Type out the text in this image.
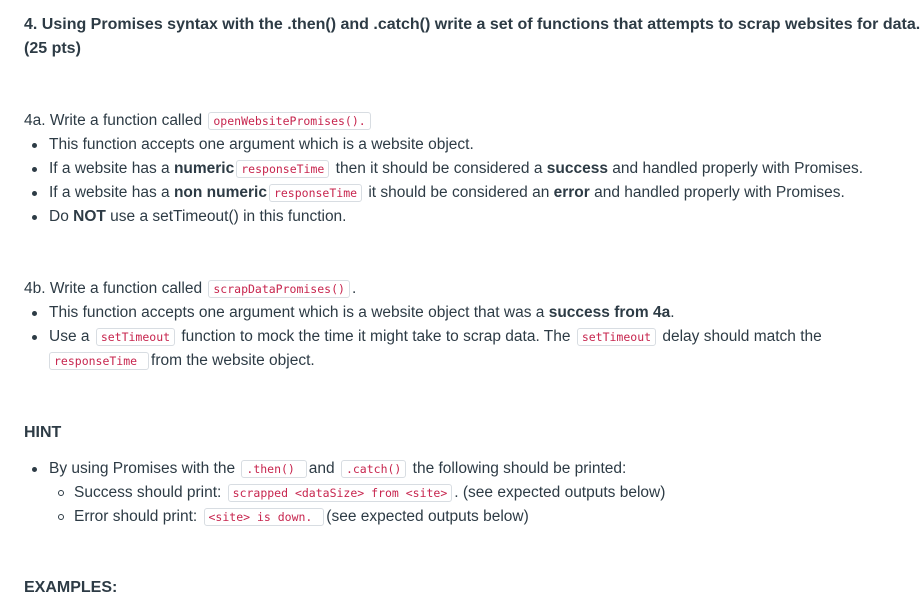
4. Using Promises syntax with the .then() and .catch() write a set of functions that attempts to scrap websites for data.
(25 pts)
4a. Write a function called openWebsitePromises().
This function accepts one argument which is a website object.
If a website has a numeric responseTime then it should be considered a success and handled properly with Promises.
If a website has a non numeric responseTime it should be considered an error and handled properly with Promises.
Do NOT use a setTimeout() in this function.
4b. Write a function called scrapDataPromises() .
This function accepts one argument which is a website object that was a success from 4a.
Use a setTimeout function to mock the time it might take to scrap data. The setTimeout delay should match the
responseTime from the website object.
HINT
By using Promises with the .then() and .catch() the following should be printed:
Success should print: scrapped <dataSize> from <site> . (see expected outputs below)
Error should print: <site> is down. (see expected outputs below)
EXAMPLES:
